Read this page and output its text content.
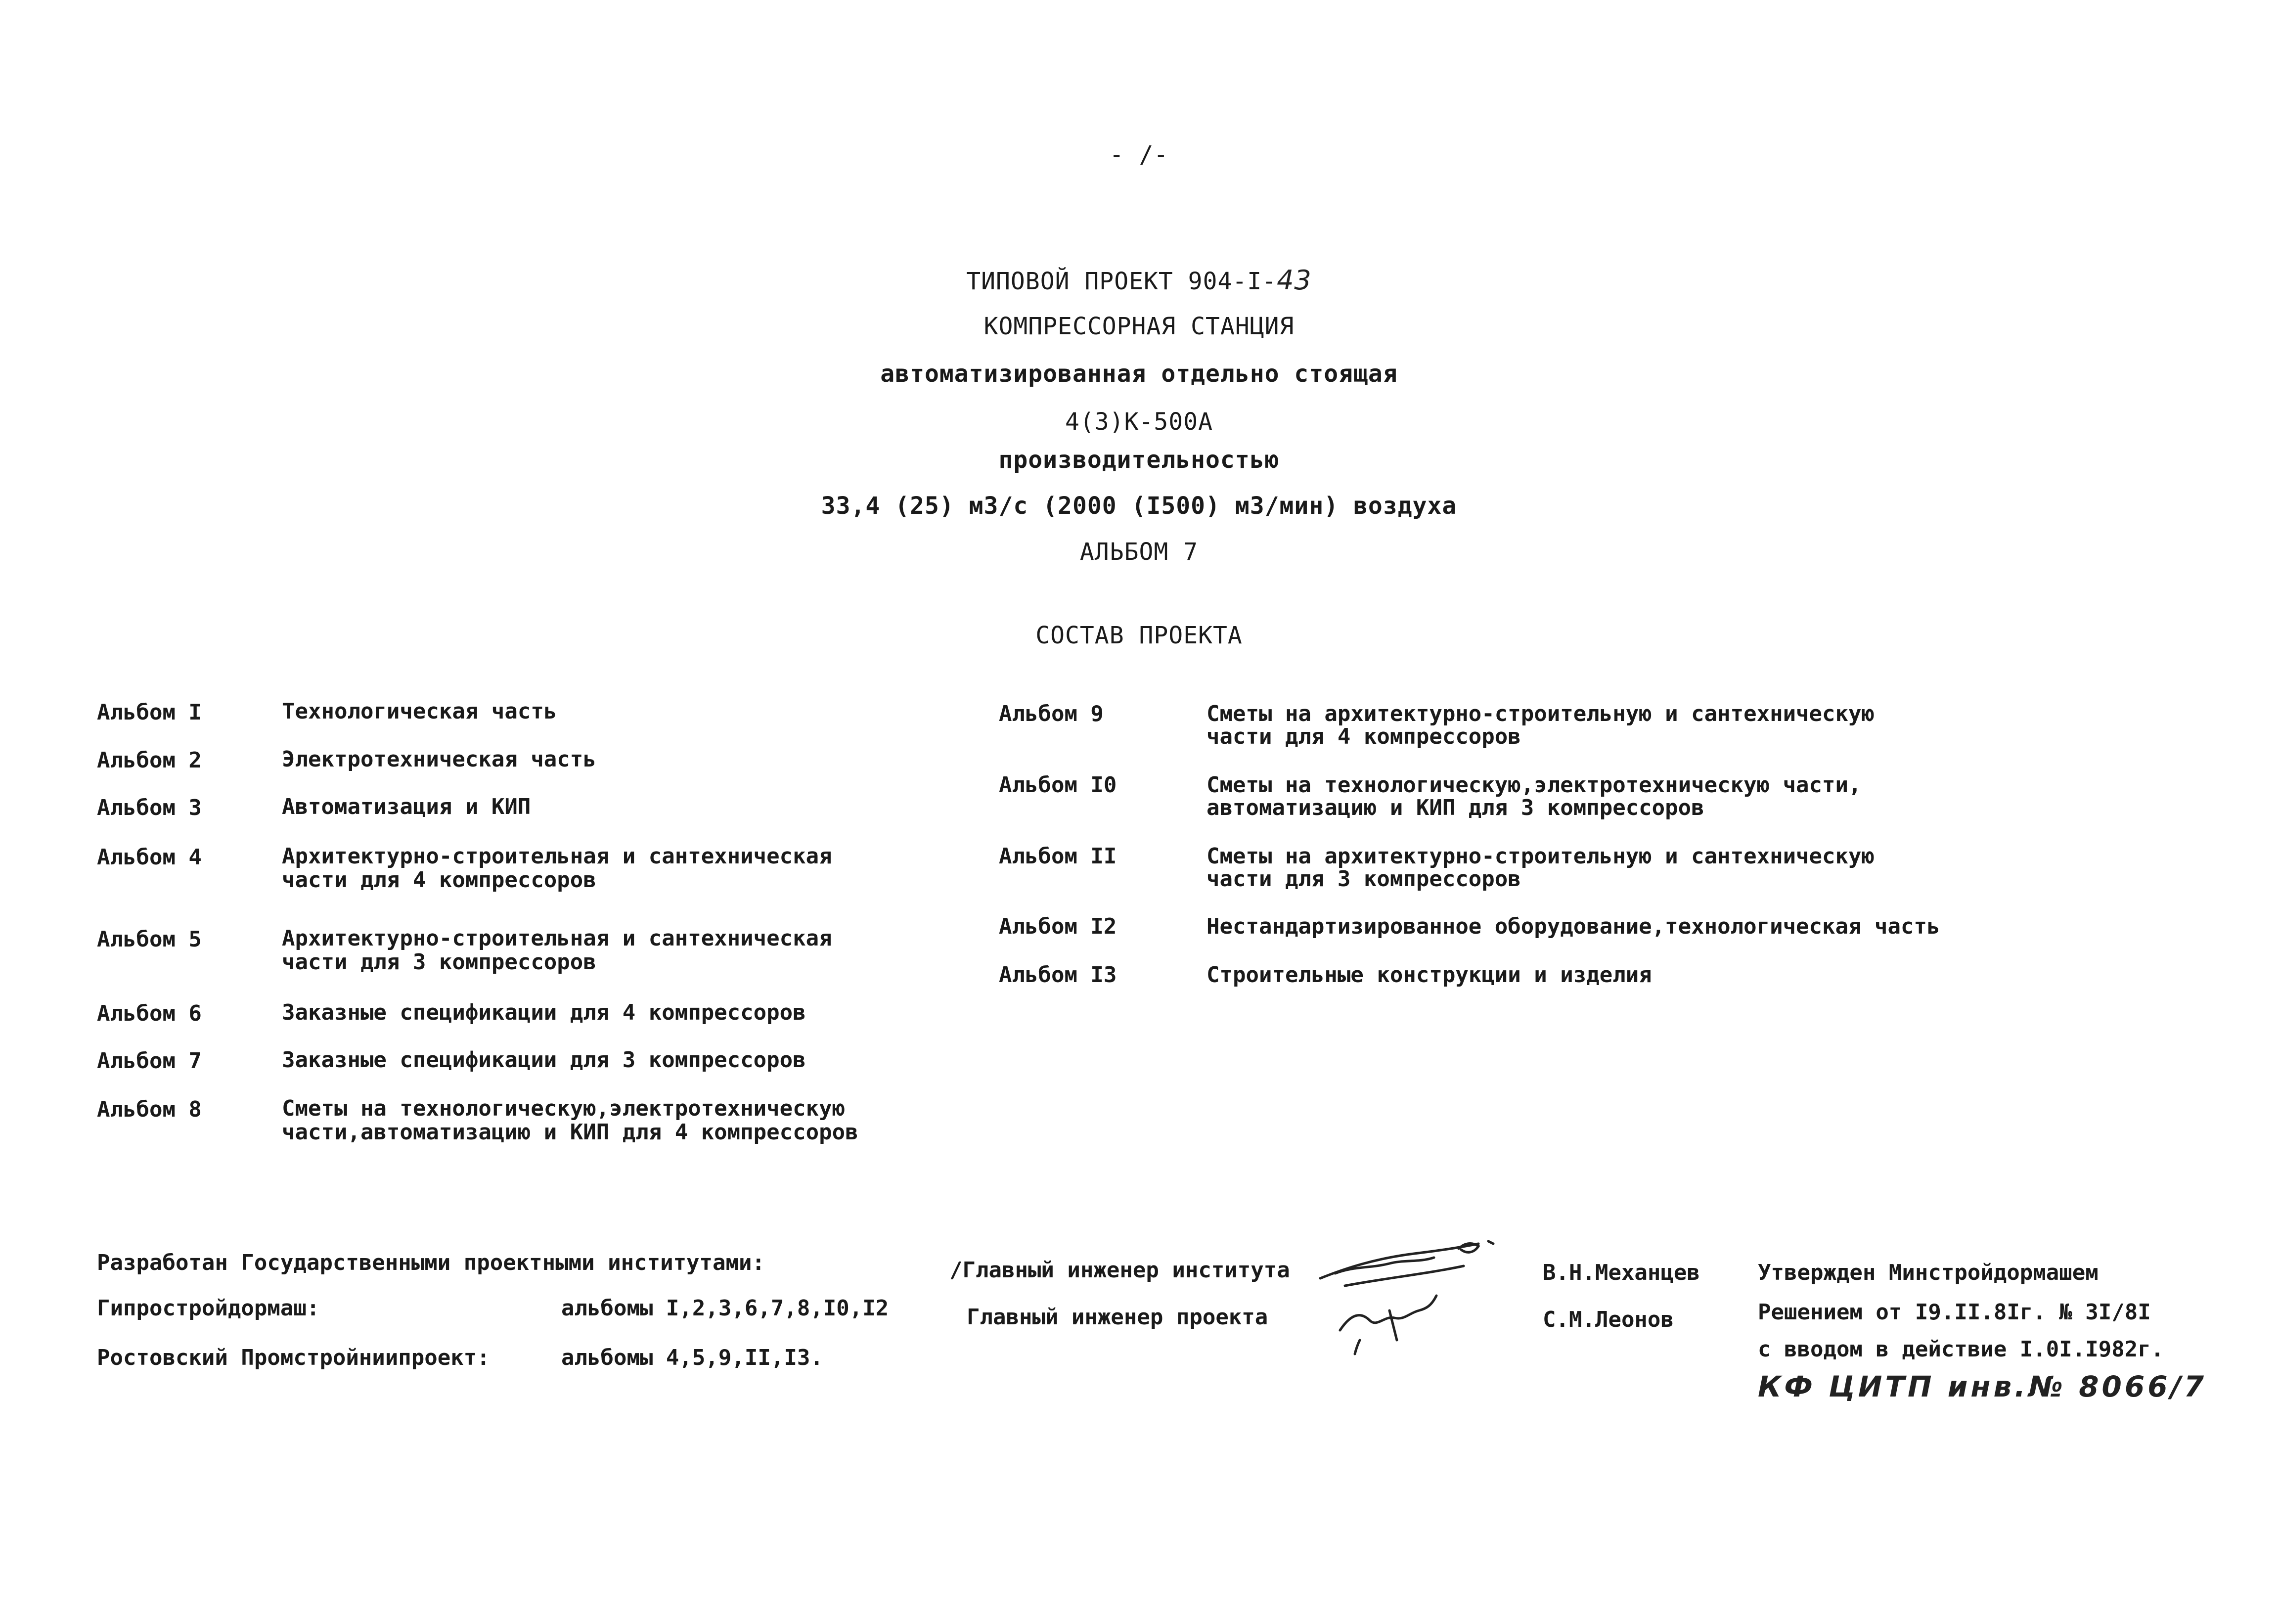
- /-
ТИПОВОЙ ПРОЕКТ 904-I-43
КОМПРЕССОРНАЯ СТАНЦИЯ
автоматизированная отдельно стоящая
4(3)К-500А
производительностью
33,4 (25) м3/с (2000 (I500) м3/мин) воздуха
АЛЬБОМ 7
СОСТАВ ПРОЕКТА
Альбом I	Технологическая часть
Альбом 2	Электротехническая часть
Альбом 3	Автоматизация и КИП
Альбом 4	Архитектурно-строительная и сантехническая
части для 4 компрессоров
Альбом 5	Архитектурно-строительная и сантехническая
части для 3 компрессоров
Альбом 6	Заказные спецификации для 4 компрессоров
Альбом 7	Заказные спецификации для 3 компрессоров
Альбом 8	Сметы на технологическую,электротехническую
части,автоматизацию и КИП для 4 компрессоров
Альбом 9	Сметы на архитектурно-строительную и сантехническую
части для 4 компрессоров
Альбом I0	Сметы на технологическую,электротехническую части,
автоматизацию и КИП для 3 компрессоров
Альбом II	Сметы на архитектурно-строительную и сантехническую
части для 3 компрессоров
Альбом I2	Нестандартизированное оборудование,технологическая часть
Альбом I3	Строительные конструкции и изделия
Разработан Государственными проектными институтами:
Гипростройдормаш:	альбомы I,2,3,6,7,8,I0,I2
Ростовский Промстройниипроект:	альбомы 4,5,9,II,I3.
/Главный инженер института
Главный инженер проекта
В.Н.Механцев
С.М.Леонов
Утвержден Минстройдормашем
Решением от I9.II.8Iг. № 3I/8I
с вводом в действие I.0I.I982г.
КФ ЦИТП инв.№ 8066/7
